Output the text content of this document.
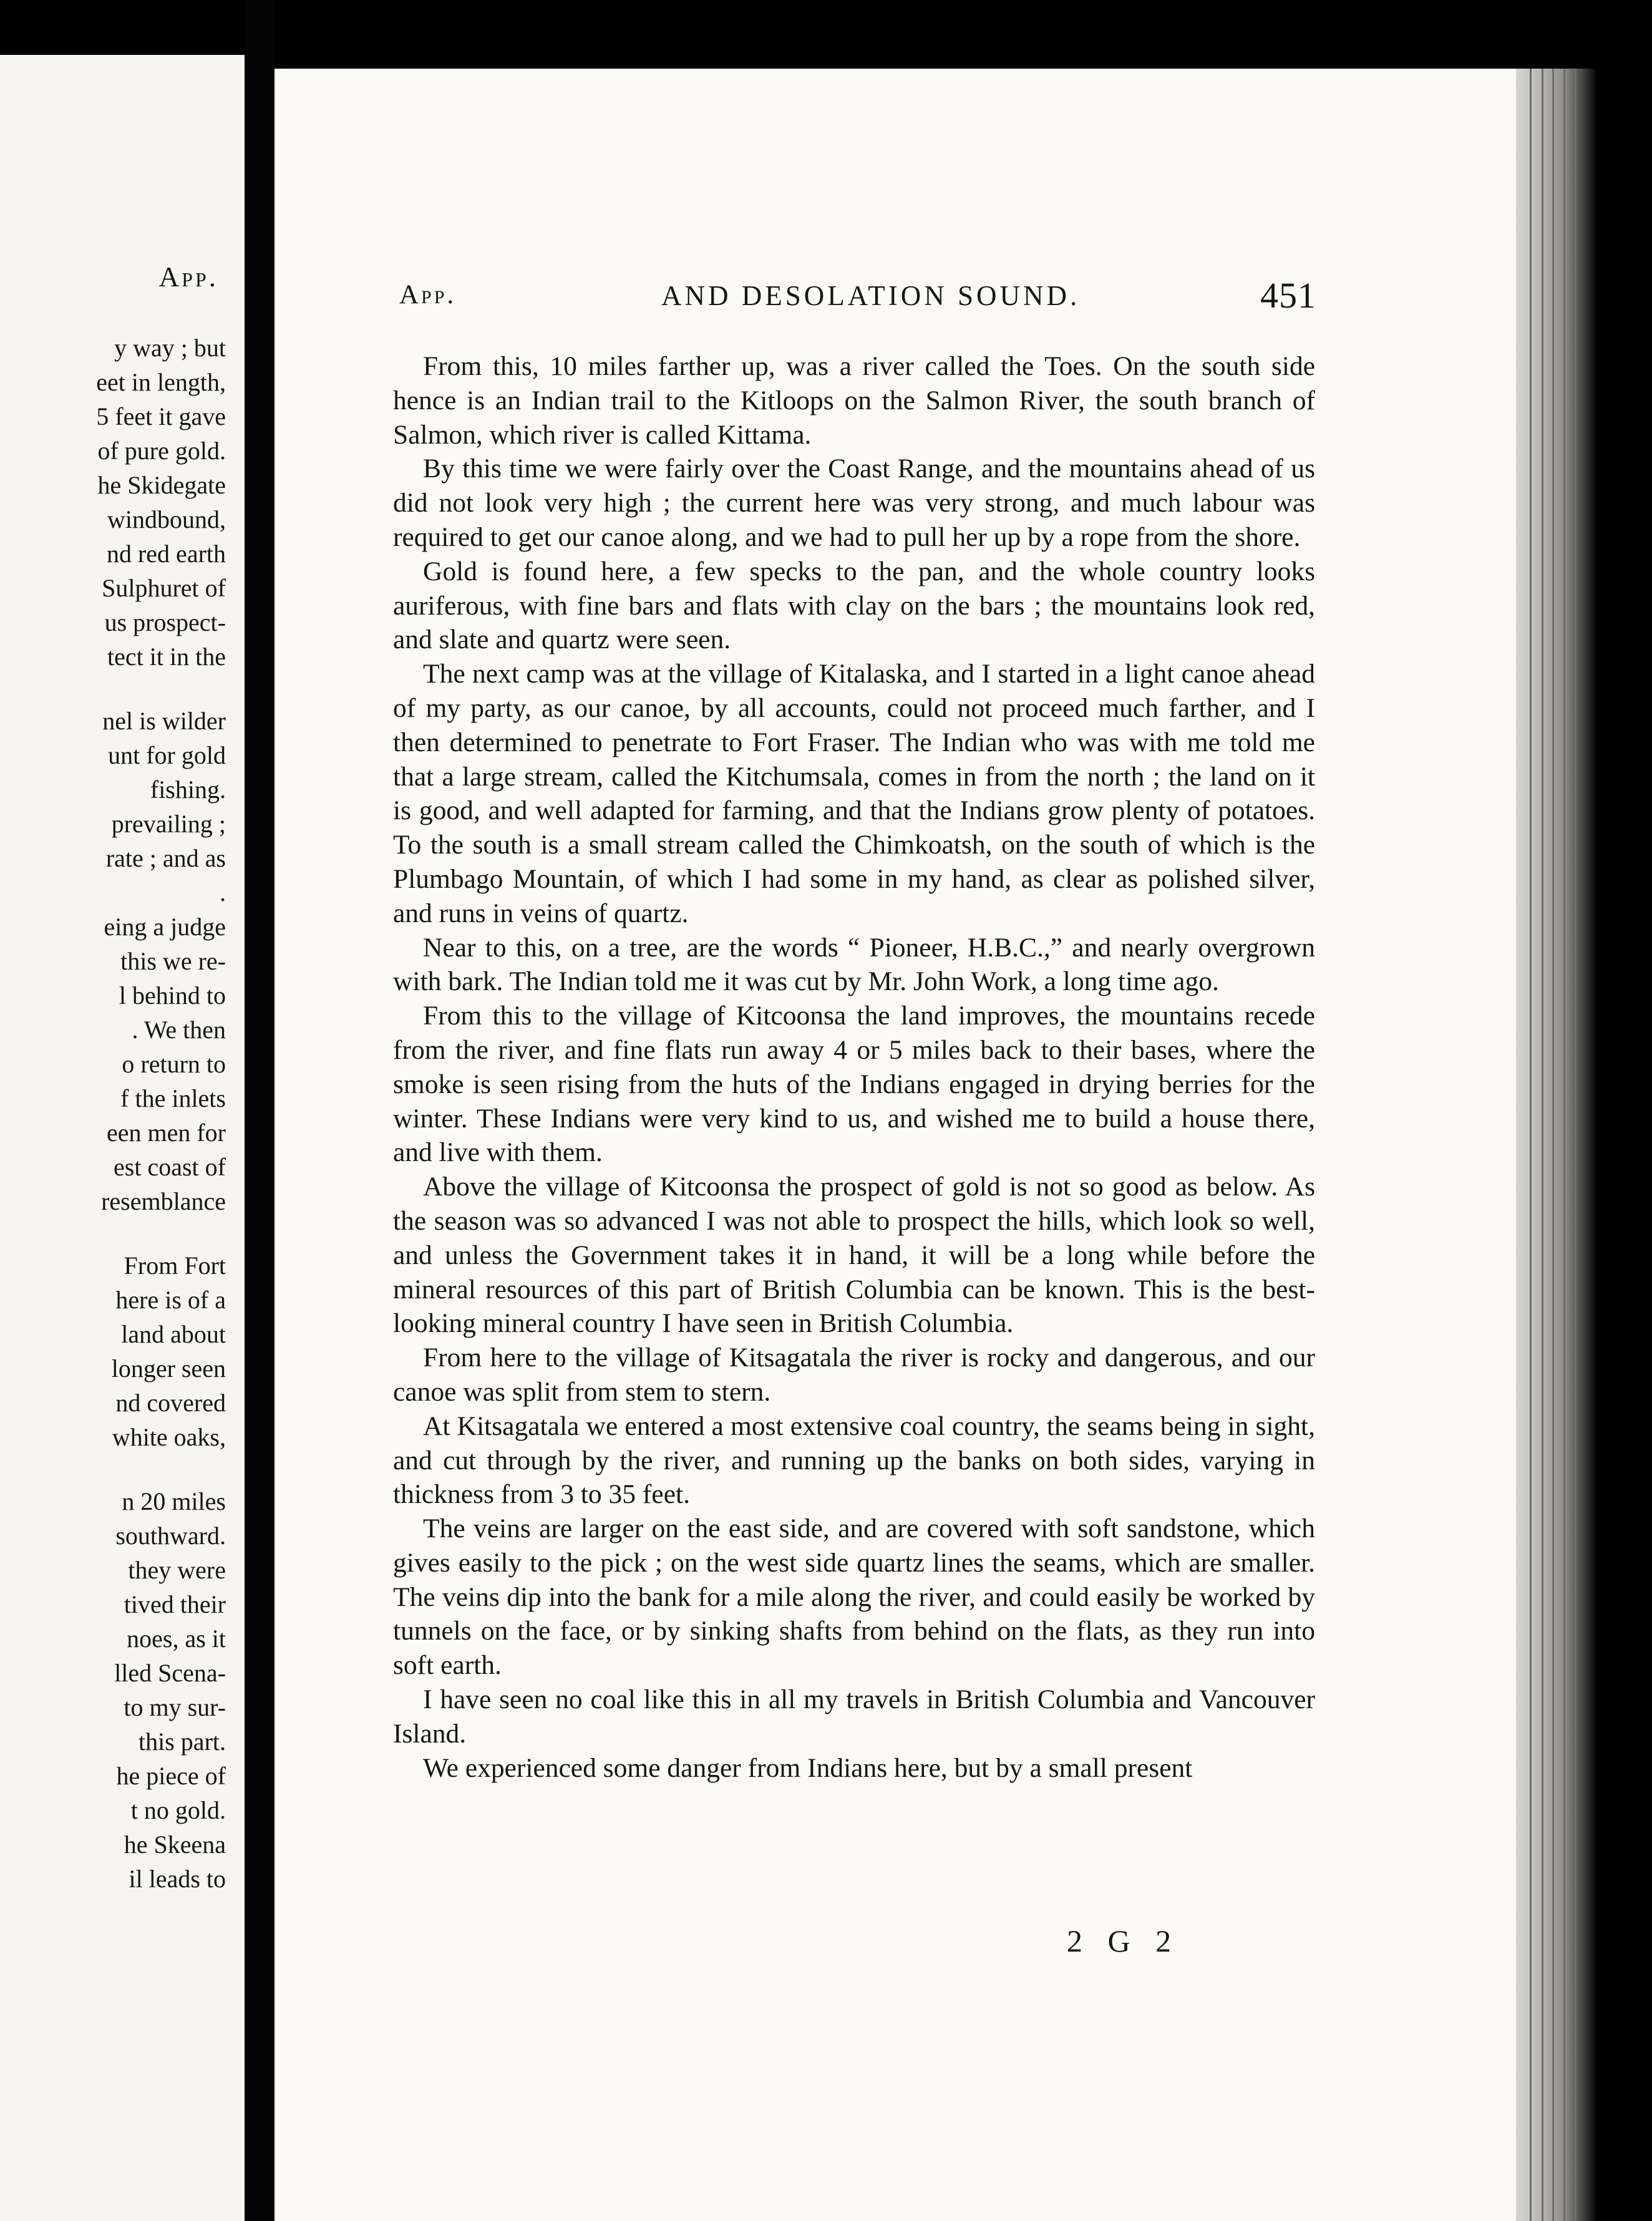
App.
y way ; but
eet in length,
5 feet it gave
of pure gold.
he Skidegate
windbound,
nd red earth
Sulphuret of
us prospect-
tect it in the
nel is wilder
unt for gold
fishing.
prevailing ;
rate ; and as
.
eing a judge
this we re-
l behind to
. We then
o return to
f the inlets
een men for
est coast of
resemblance
From Fort
here is of a
land about
longer seen
nd covered
white oaks,
n 20 miles
southward.
they were
tived their
noes, as it
lled Scena-
to my sur-
this part.
he piece of
t no gold.
he Skeena
il leads to
App.	AND DESOLATION SOUND.	451

From this, 10 miles farther up, was a river called the Toes. On the south side hence is an Indian trail to the Kitloops on the Salmon River, the south branch of Salmon, which river is called Kittama.

By this time we were fairly over the Coast Range, and the mountains ahead of us did not look very high ; the current here was very strong, and much labour was required to get our canoe along, and we had to pull her up by a rope from the shore.

Gold is found here, a few specks to the pan, and the whole country looks auriferous, with fine bars and flats with clay on the bars ; the mountains look red, and slate and quartz were seen.

The next camp was at the village of Kitalaska, and I started in a light canoe ahead of my party, as our canoe, by all accounts, could not proceed much farther, and I then determined to penetrate to Fort Fraser. The Indian who was with me told me that a large stream, called the Kitchumsala, comes in from the north ; the land on it is good, and well adapted for farming, and that the Indians grow plenty of potatoes. To the south is a small stream called the Chimkoatsh, on the south of which is the Plumbago Mountain, of which I had some in my hand, as clear as polished silver, and runs in veins of quartz.

Near to this, on a tree, are the words “ Pioneer, H.B.C.,” and nearly overgrown with bark. The Indian told me it was cut by Mr. John Work, a long time ago.

From this to the village of Kitcoonsa the land improves, the mountains recede from the river, and fine flats run away 4 or 5 miles back to their bases, where the smoke is seen rising from the huts of the Indians engaged in drying berries for the winter. These Indians were very kind to us, and wished me to build a house there, and live with them.

Above the village of Kitcoonsa the prospect of gold is not so good as below. As the season was so advanced I was not able to prospect the hills, which look so well, and unless the Government takes it in hand, it will be a long while before the mineral resources of this part of British Columbia can be known. This is the best-looking mineral country I have seen in British Columbia.

From here to the village of Kitsagatala the river is rocky and dangerous, and our canoe was split from stem to stern.

At Kitsagatala we entered a most extensive coal country, the seams being in sight, and cut through by the river, and running up the banks on both sides, varying in thickness from 3 to 35 feet.

The veins are larger on the east side, and are covered with soft sandstone, which gives easily to the pick ; on the west side quartz lines the seams, which are smaller. The veins dip into the bank for a mile along the river, and could easily be worked by tunnels on the face, or by sinking shafts from behind on the flats, as they run into soft earth.

I have seen no coal like this in all my travels in British Columbia and Vancouver Island.

We experienced some danger from Indians here, but by a small present

2 G 2
